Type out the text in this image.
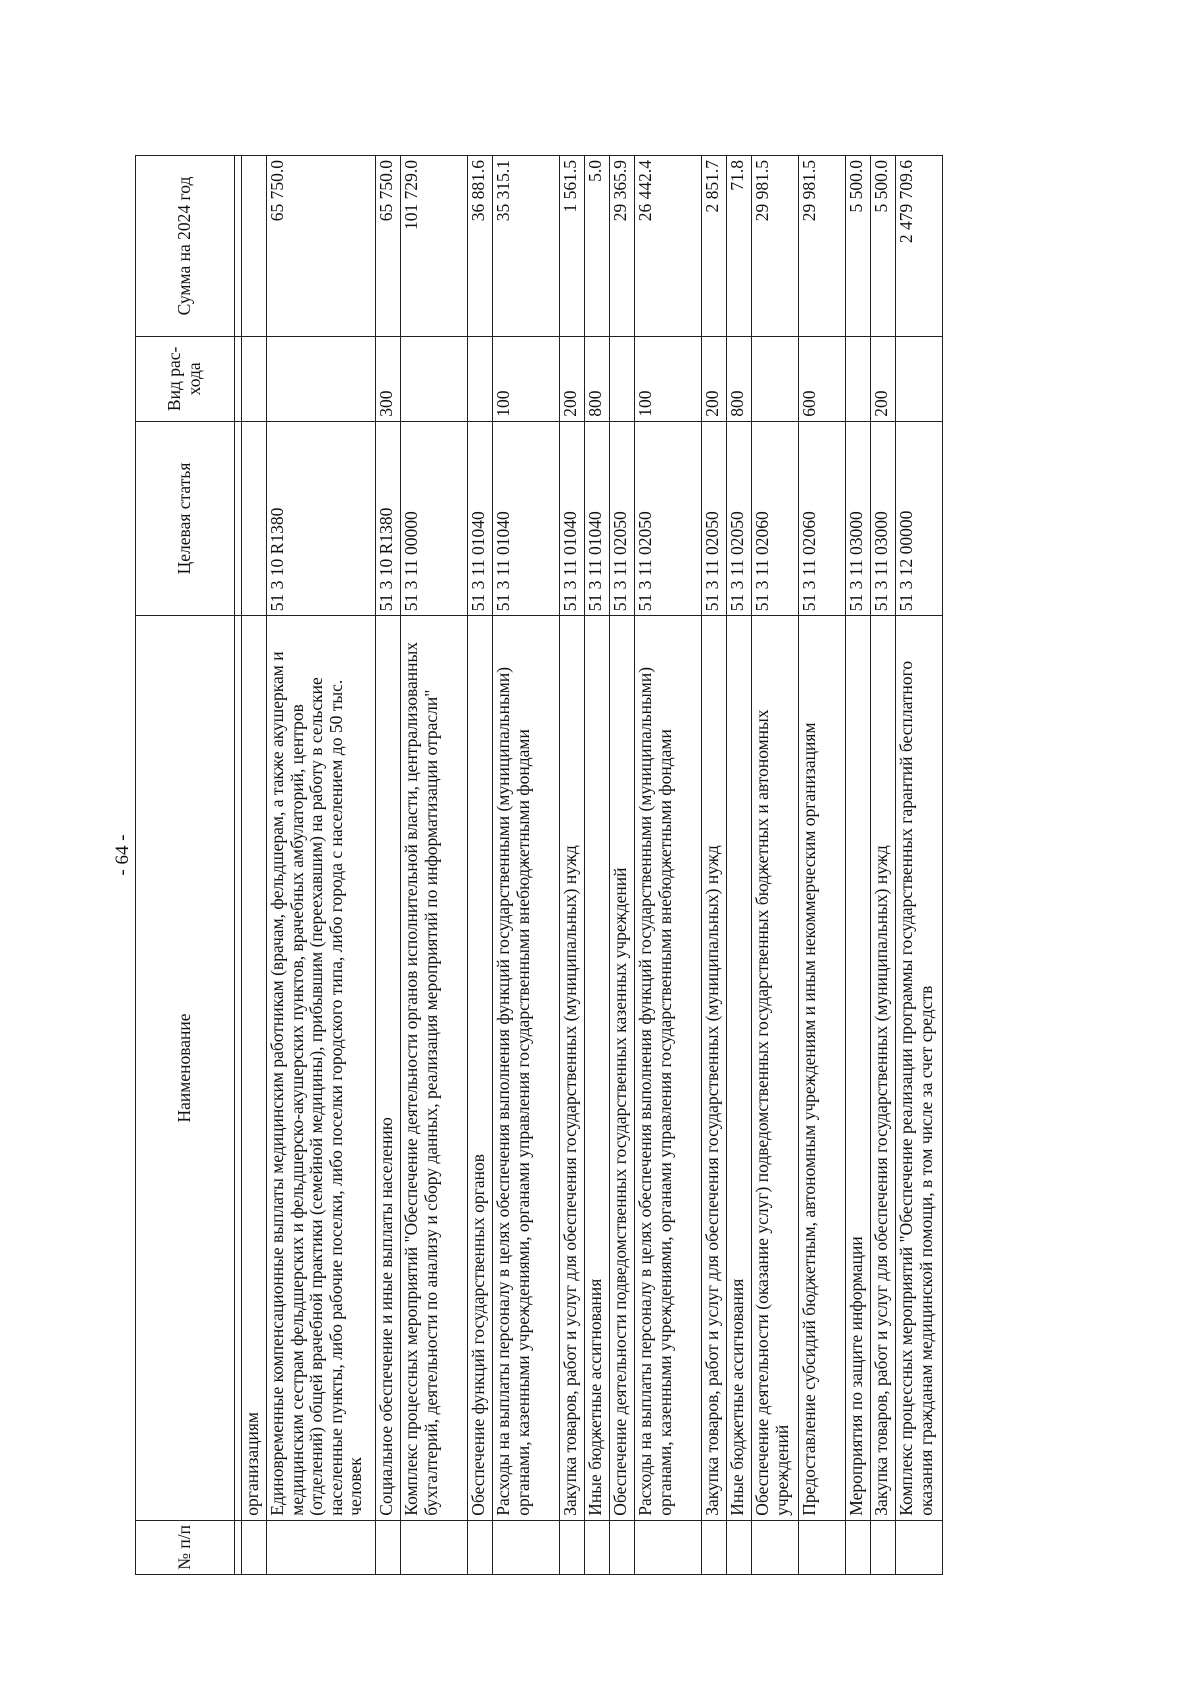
- 64 -
№ п/п	Наименование	Целевая статья	Вид рас-хода	Сумма на 2024 год

	организациям			
	Единовременные компенсационные выплаты медицинским работникам (врачам, фельдшерам, а также акушеркам и медицинским сестрам фельдшерских и фельдшерско-акушерских пунктов, врачебных амбулаторий, центров (отделений) общей врачебной практики (семейной медицины), прибывшим (переехавшим) на работу в сельские населенные пункты, либо рабочие поселки, либо поселки городского типа, либо города с населением до 50 тыс. человек	51 3 10 R1380		65 750.0
	Социальное обеспечение и иные выплаты населению	51 3 10 R1380	300	65 750.0
	Комплекс процессных мероприятий "Обеспечение деятельности органов исполнительной власти, централизованных бухгалтерий, деятельности по анализу и сбору данных, реализация мероприятий по информатизации отрасли"	51 3 11 00000		101 729.0
	Обеспечение функций государственных органов	51 3 11 01040		36 881.6
	Расходы на выплаты персоналу в целях обеспечения выполнения функций государственными (муниципальными) органами, казенными учреждениями, органами управления государственными внебюджетными фондами	51 3 11 01040	100	35 315.1
	Закупка товаров, работ и услуг для обеспечения государственных (муниципальных) нужд	51 3 11 01040	200	1 561.5
	Иные бюджетные ассигнования	51 3 11 01040	800	5.0
	Обеспечение деятельности подведомственных государственных казенных учреждений	51 3 11 02050		29 365.9
	Расходы на выплаты персоналу в целях обеспечения выполнения функций государственными (муниципальными) органами, казенными учреждениями, органами управления государственными внебюджетными фондами	51 3 11 02050	100	26 442.4
	Закупка товаров, работ и услуг для обеспечения государственных (муниципальных) нужд	51 3 11 02050	200	2 851.7
	Иные бюджетные ассигнования	51 3 11 02050	800	71.8
	Обеспечение деятельности (оказание услуг) подведомственных государственных бюджетных и автономных учреждений	51 3 11 02060		29 981.5
	Предоставление субсидий бюджетным, автономным учреждениям и иным некоммерческим организациям	51 3 11 02060	600	29 981.5
	Мероприятия по защите информации	51 3 11 03000		5 500.0
	Закупка товаров, работ и услуг для обеспечения государственных (муниципальных) нужд	51 3 11 03000	200	5 500.0
	Комплекс процессных мероприятий "Обеспечение реализации программы государственных гарантий бесплатного оказания гражданам медицинской помощи, в том числе за счет средств	51 3 12 00000		2 479 709.6
